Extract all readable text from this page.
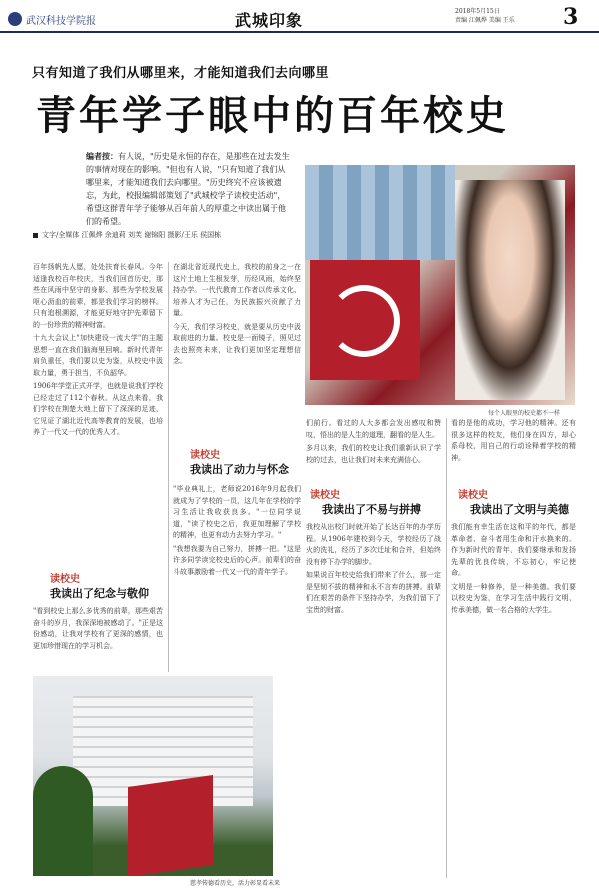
武汉科技学院报	武城印象	2018年5月15日
责编 江佩烨 美编 王乐 3
只有知道了我们从哪里来，才能知道我们去向哪里
青年学子眼中的百年校史
编者按：有人说，"历史是永恒的存在，是那些在过去发生的事情对现在的影响。"但也有人说，"只有知道了我们从哪里来，才能知道我们去向哪里。"历史终究不应该被遗忘，为此，校报编辑部策划了"武城校学子读校史活动"，希望这群青年学子能够从百年前人的厚重之中读出属于他们的希望。
文字/全媒体 江佩烨 余迪莉 刘芙 谢锦阳 摄影/王乐 侯国栋
每个人眼里的校史都不一样

百年扬帆先人愿，处处扶育长春风。今年适逢我校百年校庆，当我们回首历史，那些在风雨中坚守的身影、那些为学校发展呕心沥血的前辈，都是我们学习的榜样。只有追根溯源，才能更好地守护先辈留下的一份珍贵的精神财富。

十九大会议上"加快建设一流大学"的主题思想一直在我们脑海里回响。新时代青年肩负重任，我们要以史为鉴，从校史中汲取力量，勇于担当，不负韶华。

1906年学堂正式开学，也就是说我们学校已经走过了112个春秋。从这点来看，我们学校在荆楚大地上留下了深深的足迹，它见证了湖北近代高等教育的发展，也培养了一代又一代的优秀人才。

读校史
我读出了纪念与敬仰
"看到校史上那么多优秀的前辈，那些艰苦奋斗的岁月，我深深地被感动了。"正是这份感动，让我对学校有了更深的感情，也更加珍惜现在的学习机会。

在湖北省近现代史上，我校的前身之一在这片土地上生根发芽，历经风雨，始终坚持办学。一代代教育工作者以传承文化、培养人才为己任，为民族振兴贡献了力量。

今天，我们学习校史，就是要从历史中汲取前进的力量。校史是一面镜子，照见过去也照亮未来，让我们更加坚定理想信念。

读校史
我读出了动力与怀念

"毕业典礼上，老师说2016年9月起我们就成为了学校的一员，这几年在学校的学习生活让我收获良多。"一位同学说道，"读了校史之后，我更加理解了学校的精神，也更有动力去努力学习。"

"我想我要为自己努力，拼搏一把。"这是许多同学读完校史后的心声。前辈们的奋斗故事激励着一代又一代的青年学子。

们前行。看过的人大多都会发出感叹和赞叹，悟出的是人生的道理，翻看的是人生。

多月以来，我们的校史让我们重新认识了学校的过去，也让我们对未来充满信心。

读校史
我读出了不易与拼搏

我校从出校门时就开始了长达百年的办学历程。从1906年建校到今天，学校经历了战火的洗礼，经历了多次迁址和合并，但始终没有停下办学的脚步。

如果说百年校史给我们带来了什么，那一定是坚韧不拔的精神和永不言弃的拼搏。前辈们在艰苦的条件下坚持办学，为我们留下了宝贵的财富。

看的是他的成功，学习他的精神。还有很多这样的校友，他们身在四方，却心系母校，用自己的行动诠释着学校的精神。
读校史
我读出了文明与美德

我们能有幸生活在这和平的年代，都是革命者、奋斗者用生命和汗水换来的。作为新时代的青年，我们要继承和发扬先辈的优良传统，不忘初心，牢记使命。

文明是一种修养，是一种美德。我们要以校史为鉴，在学习生活中践行文明，传承美德，做一名合格的大学生。

慈孝传德看历史，活力彰显看未来
